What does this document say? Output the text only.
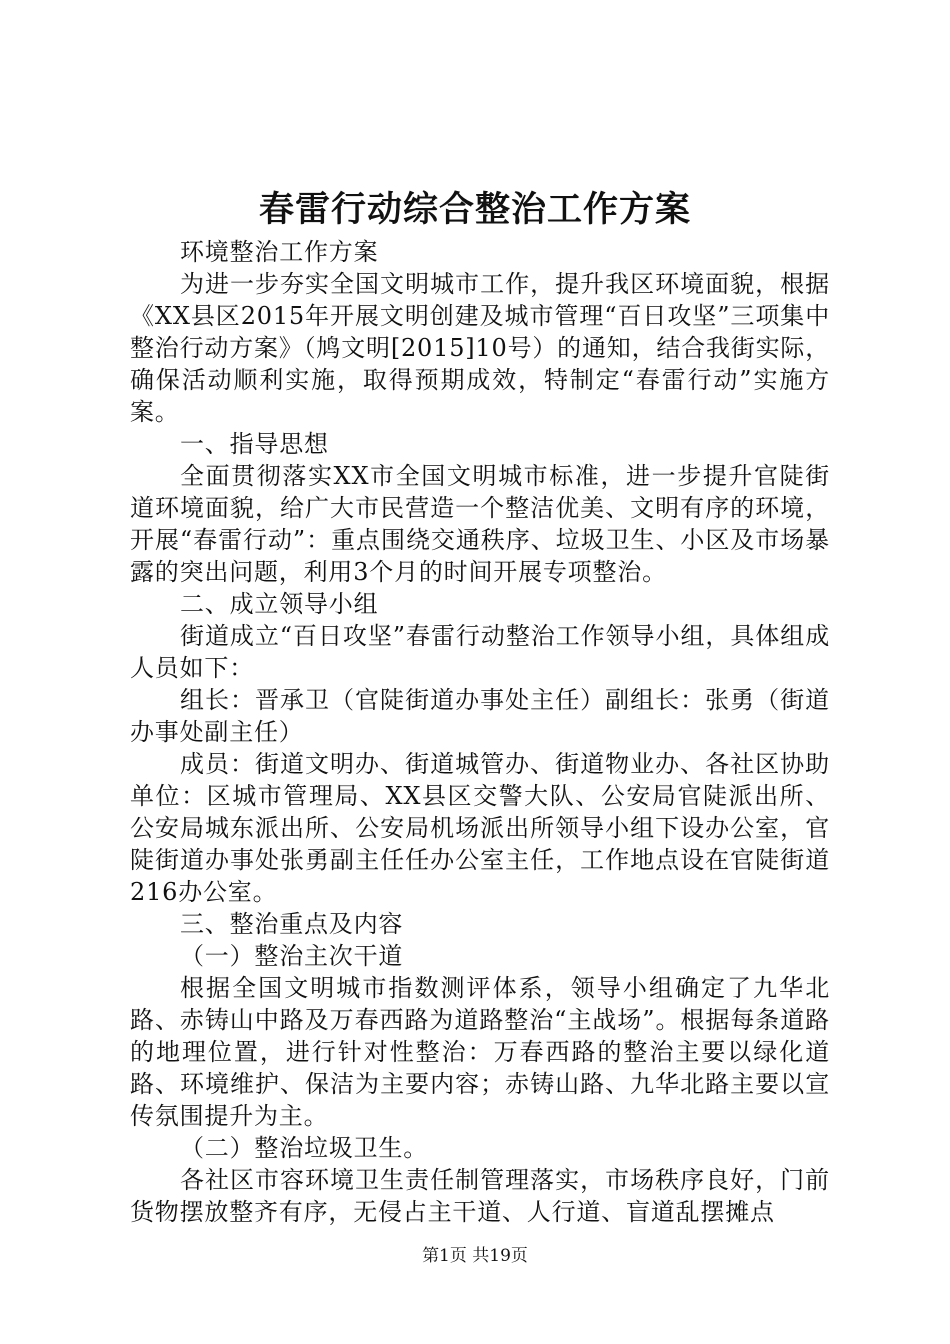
春雷行动综合整治工作方案

环境整治工作方案

为进一步夯实全国文明城市工作，提升我区环境面貌，根据《XX县区2015年开展文明创建及城市管理“百日攻坚”三项集中整治行动方案》（鸠文明[2015]10号）的通知，结合我街实际，确保活动顺利实施，取得预期成效，特制定“春雷行动”实施方案。

一、指导思想

全面贯彻落实XX市全国文明城市标准，进一步提升官陡街道环境面貌，给广大市民营造一个整洁优美、文明有序的环境，开展“春雷行动”：重点围绕交通秩序、垃圾卫生、小区及市场暴露的突出问题，利用3个月的时间开展专项整治。

二、成立领导小组

街道成立“百日攻坚”春雷行动整治工作领导小组，具体组成人员如下：

组长：晋承卫（官陡街道办事处主任）副组长：张勇（街道办事处副主任）

成员：街道文明办、街道城管办、街道物业办、各社区协助单位：区城市管理局、XX县区交警大队、公安局官陡派出所、公安局城东派出所、公安局机场派出所领导小组下设办公室，官陡街道办事处张勇副主任任办公室主任，工作地点设在官陡街道216办公室。

三、整治重点及内容

（一）整治主次干道

根据全国文明城市指数测评体系，领导小组确定了九华北路、赤铸山中路及万春西路为道路整治“主战场”。根据每条道路的地理位置，进行针对性整治：万春西路的整治主要以绿化道路、环境维护、保洁为主要内容；赤铸山路、九华北路主要以宣传氛围提升为主。

（二）整治垃圾卫生。

各社区市容环境卫生责任制管理落实，市场秩序良好，门前货物摆放整齐有序，无侵占主干道、人行道、盲道乱摆摊点

第1页 共19页
